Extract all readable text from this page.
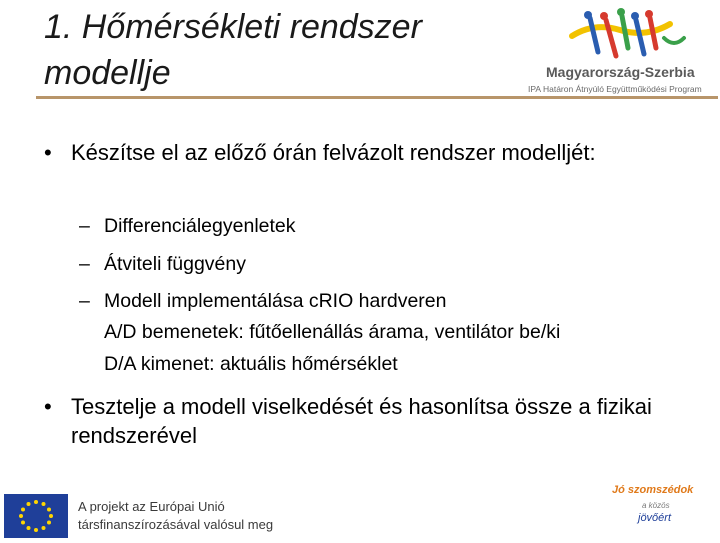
1. Hőmérsékleti rendszer modellje	Magyarország-Szerbia
IPA Határon Átnyúló Együttműködési Program
• Készítse el az előző órán felvázolt rendszer modelljét:
– Differenciálegyenletek
– Átviteli függvény
– Modell implementálása cRIO hardveren
A/D bemenetek: fűtőellenállás árama, ventilátor be/ki
D/A kimenet: aktuális hőmérséklet
• Tesztelje a modell viselkedését és hasonlítsa össze a fizikai rendszerével
A projekt az Európai Unió
társfinanszírozásával valósul meg
Jó szomszédok
a közös
jövőért
